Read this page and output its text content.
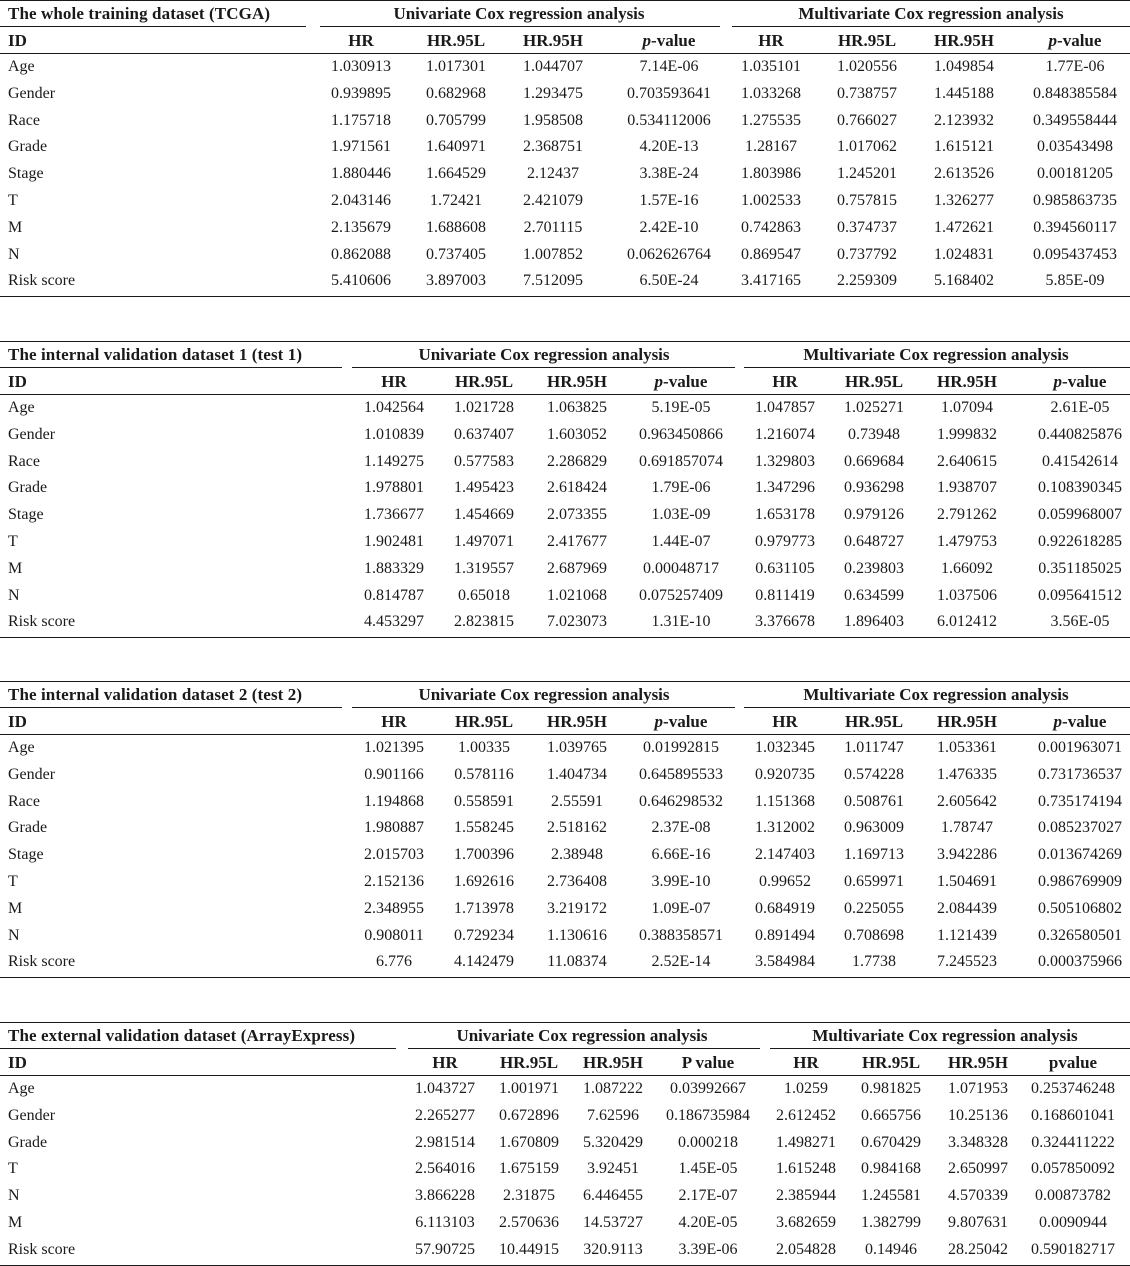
The whole training dataset (TCGA)	Univariate Cox regression analysis	Multivariate Cox regression analysis
ID	HR	HR.95L	HR.95H	p-value	HR	HR.95L	HR.95H	p-value
Age	1.030913	1.017301	1.044707	7.14E-06	1.035101	1.020556	1.049854	1.77E-06
Gender	0.939895	0.682968	1.293475	0.703593641	1.033268	0.738757	1.445188	0.848385584
Race	1.175718	0.705799	1.958508	0.534112006	1.275535	0.766027	2.123932	0.349558444
Grade	1.971561	1.640971	2.368751	4.20E-13	1.28167	1.017062	1.615121	0.03543498
Stage	1.880446	1.664529	2.12437	3.38E-24	1.803986	1.245201	2.613526	0.00181205
T	2.043146	1.72421	2.421079	1.57E-16	1.002533	0.757815	1.326277	0.985863735
M	2.135679	1.688608	2.701115	2.42E-10	0.742863	0.374737	1.472621	0.394560117
N	0.862088	0.737405	1.007852	0.062626764	0.869547	0.737792	1.024831	0.095437453
Risk score	5.410606	3.897003	7.512095	6.50E-24	3.417165	2.259309	5.168402	5.85E-09
The internal validation dataset 1 (test 1)	Univariate Cox regression analysis	Multivariate Cox regression analysis
ID	HR	HR.95L	HR.95H	p-value	HR	HR.95L	HR.95H	p-value
Age	1.042564	1.021728	1.063825	5.19E-05	1.047857	1.025271	1.07094	2.61E-05
Gender	1.010839	0.637407	1.603052	0.963450866	1.216074	0.73948	1.999832	0.440825876
Race	1.149275	0.577583	2.286829	0.691857074	1.329803	0.669684	2.640615	0.41542614
Grade	1.978801	1.495423	2.618424	1.79E-06	1.347296	0.936298	1.938707	0.108390345
Stage	1.736677	1.454669	2.073355	1.03E-09	1.653178	0.979126	2.791262	0.059968007
T	1.902481	1.497071	2.417677	1.44E-07	0.979773	0.648727	1.479753	0.922618285
M	1.883329	1.319557	2.687969	0.00048717	0.631105	0.239803	1.66092	0.351185025
N	0.814787	0.65018	1.021068	0.075257409	0.811419	0.634599	1.037506	0.095641512
Risk score	4.453297	2.823815	7.023073	1.31E-10	3.376678	1.896403	6.012412	3.56E-05
The internal validation dataset 2 (test 2)	Univariate Cox regression analysis	Multivariate Cox regression analysis
ID	HR	HR.95L	HR.95H	p-value	HR	HR.95L	HR.95H	p-value
Age	1.021395	1.00335	1.039765	0.01992815	1.032345	1.011747	1.053361	0.001963071
Gender	0.901166	0.578116	1.404734	0.645895533	0.920735	0.574228	1.476335	0.731736537
Race	1.194868	0.558591	2.55591	0.646298532	1.151368	0.508761	2.605642	0.735174194
Grade	1.980887	1.558245	2.518162	2.37E-08	1.312002	0.963009	1.78747	0.085237027
Stage	2.015703	1.700396	2.38948	6.66E-16	2.147403	1.169713	3.942286	0.013674269
T	2.152136	1.692616	2.736408	3.99E-10	0.99652	0.659971	1.504691	0.986769909
M	2.348955	1.713978	3.219172	1.09E-07	0.684919	0.225055	2.084439	0.505106802
N	0.908011	0.729234	1.130616	0.388358571	0.891494	0.708698	1.121439	0.326580501
Risk score	6.776	4.142479	11.08374	2.52E-14	3.584984	1.7738	7.245523	0.000375966
The external validation dataset (ArrayExpress)	Univariate Cox regression analysis	Multivariate Cox regression analysis
ID	HR	HR.95L	HR.95H	P value	HR	HR.95L	HR.95H	pvalue
Age	1.043727	1.001971	1.087222	0.03992667	1.0259	0.981825	1.071953	0.253746248
Gender	2.265277	0.672896	7.62596	0.186735984	2.612452	0.665756	10.25136	0.168601041
Grade	2.981514	1.670809	5.320429	0.000218	1.498271	0.670429	3.348328	0.324411222
T	2.564016	1.675159	3.92451	1.45E-05	1.615248	0.984168	2.650997	0.057850092
N	3.866228	2.31875	6.446455	2.17E-07	2.385944	1.245581	4.570339	0.00873782
M	6.113103	2.570636	14.53727	4.20E-05	3.682659	1.382799	9.807631	0.0090944
Risk score	57.90725	10.44915	320.9113	3.39E-06	2.054828	0.14946	28.25042	0.590182717
